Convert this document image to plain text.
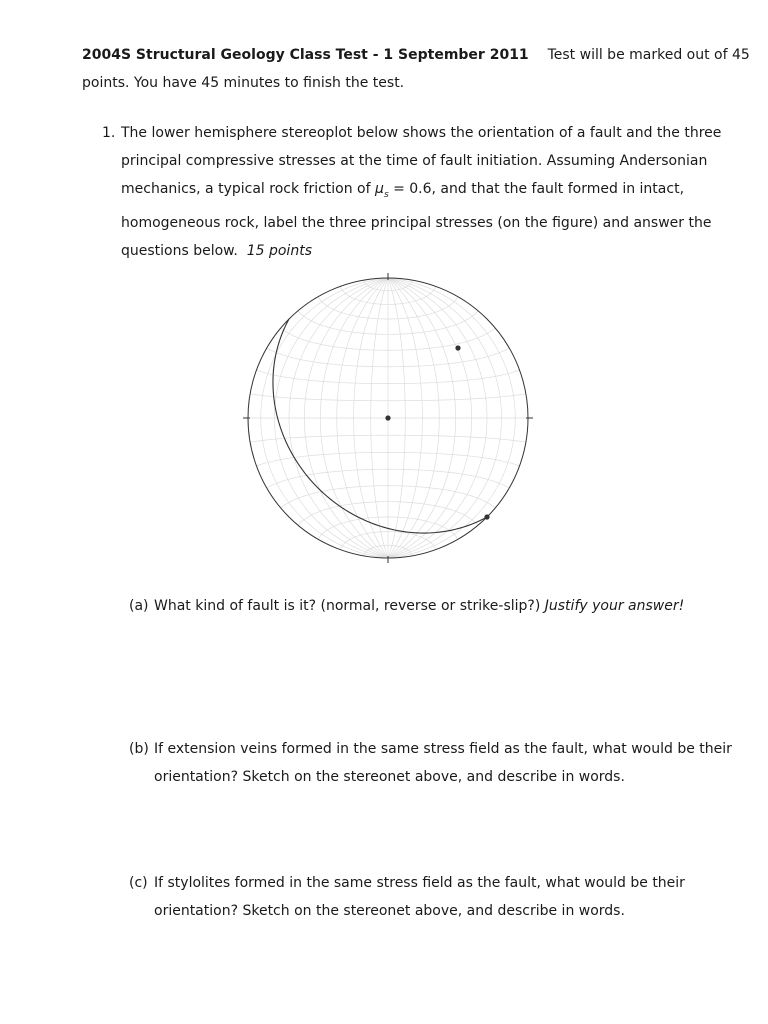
2004S Structural Geology Class Test - 1 September 2011 Test will be marked out of 45
points. You have 45 minutes to finish the test.
1. The lower hemisphere stereoplot below shows the orientation of a fault and the three
principal compressive stresses at the time of fault initiation. Assuming Andersonian
mechanics, a typical rock friction of $\mu_s = 0.6$, and that the fault formed in intact,
homogeneous rock, label the three principal stresses (on the figure) and answer the
questions below. 15 points
(a) What kind of fault is it? (normal, reverse or strike-slip?) Justify your answer!
(b) If extension veins formed in the same stress field as the fault, what would be their
orientation? Sketch on the stereonet above, and describe in words.
(c) If stylolites formed in the same stress field as the fault, what would be their
orientation? Sketch on the stereonet above, and describe in words.
